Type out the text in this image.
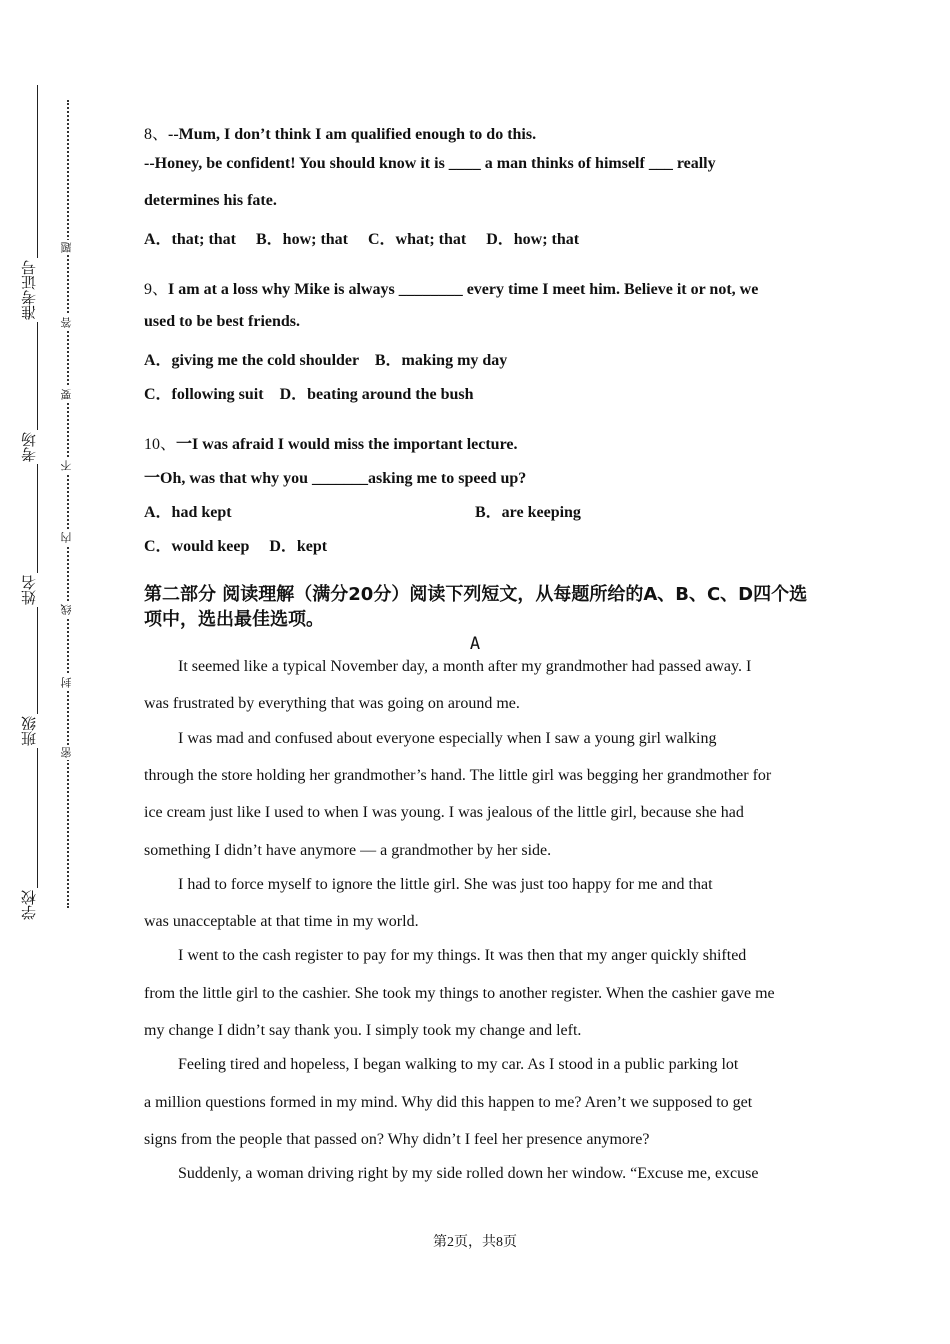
准考证号
考场
姓名
班级
学校
题
答
要
不
内
线
封
密
8、--Mum, I don’t think I am qualified enough to do this.
--Honey, be confident! You should know it is ____ a man thinks of himself ___ really
determines his fate.
A．that; that     B．how; that     C．what; that     D．how; that
9、I am at a loss why Mike is always ________ every time I meet him. Believe it or not, we
used to be best friends.
A．giving me the cold shoulder    B．making my day
C．following suit    D．beating around the bush
10、一I was afraid I would miss the important lecture.
一Oh, was that why you _______asking me to speed up?
A．had kept	B．are keeping
C．would keep     D．kept
第二部分 阅读理解（满分20分）阅读下列短文，从每题所给的A、B、C、D四个选项中，选出最佳选项。
A
It seemed like a typical November day, a month after my grandmother had passed away. I
was frustrated by everything that was going on around me.
I was mad and confused about everyone especially when I saw a young girl walking
through the store holding her grandmother’s hand. The little girl was begging her grandmother for
ice cream just like I used to when I was young. I was jealous of the little girl, because she had
something I didn’t have anymore — a grandmother by her side.
I had to force myself to ignore the little girl. She was just too happy for me and that
was unacceptable at that time in my world.
I went to the cash register to pay for my things. It was then that my anger quickly shifted
from the little girl to the cashier. She took my things to another register. When the cashier gave me
my change I didn’t say thank you. I simply took my change and left.
Feeling tired and hopeless, I began walking to my car. As I stood in a public parking lot
a million questions formed in my mind. Why did this happen to me? Aren’t we supposed to get
signs from the people that passed on? Why didn’t I feel her presence anymore?
Suddenly, a woman driving right by my side rolled down her window. “Excuse me, excuse
第2页，共8页
